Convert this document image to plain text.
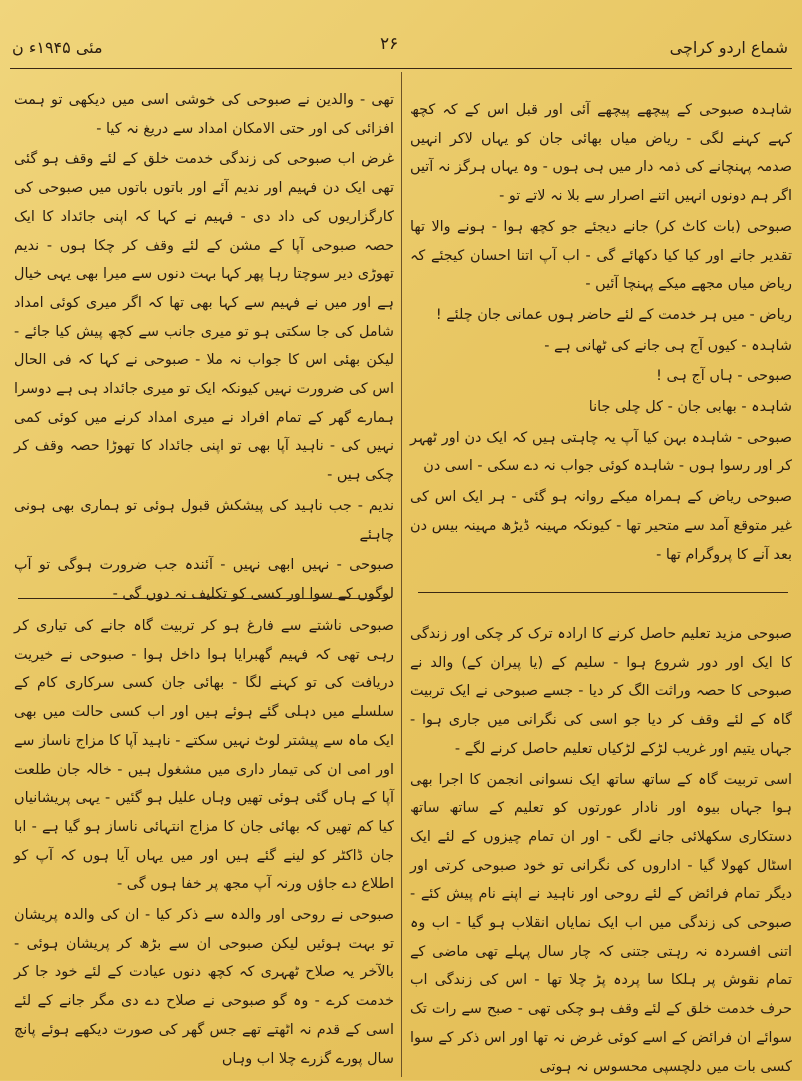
شماع اردو کراچی
۲۶
مئی ۱۹۴۵ء ن

شاہدہ صبوحی کے پیچھے پیچھے آئی اور قبل اس کے کہ کچھ کہے کہنے لگی - ریاض میاں بھائی جان کو یہاں لاکر انہیں صدمہ پہنچانے کی ذمہ دار میں ہی ہوں - وہ یہاں ہرگز نہ آتیں اگر ہم دونوں انہیں اتنے اصرار سے بلا نہ لاتے تو -

صبوحی (بات کاٹ کر) جانے دیجئے جو کچھ ہوا - ہونے والا تھا تقدیر جانے اور کیا کیا دکھائے گی - اب آپ اتنا احسان کیجئے کہ ریاض میاں مجھے میکے پہنچا آئیں -

ریاض - میں ہر خدمت کے لئے حاضر ہوں عمانی جان چلئے !

شاہدہ - کیوں آج ہی جانے کی ٹھانی ہے -

صبوحی - ہاں آج ہی !

شاہدہ - بھابی جان - کل چلی جانا

صبوحی - شاہدہ بہن کیا آپ یہ چاہتی ہیں کہ ایک دن اور ٹھہر کر اور رسوا ہوں - شاہدہ کوئی جواب نہ دے سکی - اسی دن

صبوحی ریاض کے ہمراہ میکے روانہ ہو گئی - ہر ایک اس کی غیر متوقع آمد سے متحیر تھا - کیونکہ مہینہ ڈیڑھ مہینہ بیس دن بعد آنے کا پروگرام تھا -

صبوحی مزید تعلیم حاصل کرنے کا ارادہ ترک کر چکی اور زندگی کا ایک اور دور شروع ہوا - سلیم کے (یا پیران کے) والد نے صبوحی کا حصہ وراثت الگ کر دیا - جسے صبوحی نے ایک تربیت گاہ کے لئے وقف کر دیا جو اسی کی نگرانی میں جاری ہوا - جہاں یتیم اور غریب لڑکے لڑکیاں تعلیم حاصل کرنے لگے -

اسی تربیت گاہ کے ساتھ ساتھ ایک نسوانی انجمن کا اجرا بھی ہوا جہاں بیوہ اور نادار عورتوں کو تعلیم کے ساتھ ساتھ دستکاری سکھلائی جانے لگی - اور ان تمام چیزوں کے لئے ایک اسٹال کھولا گیا - اداروں کی نگرانی تو خود صبوحی کرتی اور دیگر تمام فرائض کے لئے روحی اور ناہید نے اپنے نام پیش کئے - صبوحی کی زندگی میں اب ایک نمایاں انقلاب ہو گیا - اب وہ اتنی افسردہ نہ رہتی جتنی کہ چار سال پہلے تھی ماضی کے تمام نقوش پر ہلکا سا پردہ پڑ چلا تھا - اس کی زندگی اب حرف خدمت خلق کے لئے وقف ہو چکی تھی - صبح سے رات تک سوائے ان فرائض کے اسے کوئی غرض نہ تھا اور اس ذکر کے سوا کسی بات میں دلچسپی محسوس نہ ہوتی

تھی - والدین نے صبوحی کی خوشی اسی میں دیکھی تو ہمت افزائی کی اور حتی الامکان امداد سے دریغ نہ کیا -

غرض اب صبوحی کی زندگی خدمت خلق کے لئے وقف ہو گئی تھی ایک دن فہیم اور ندیم آئے اور باتوں باتوں میں صبوحی کی کارگزاریوں کی داد دی - فہیم نے کہا کہ اپنی جائداد کا ایک حصہ صبوحی آپا کے مشن کے لئے وقف کر چکا ہوں - ندیم تھوڑی دیر سوچتا رہا پھر کہا بہت دنوں سے میرا بھی یہی خیال ہے اور میں نے فہیم سے کہا بھی تھا کہ اگر میری کوئی امداد شامل کی جا سکتی ہو تو میری جانب سے کچھ پیش کیا جائے - لیکن بھئی اس کا جواب نہ ملا - صبوحی نے کہا کہ فی الحال اس کی ضرورت نہیں کیونکہ ایک تو میری جائداد ہی ہے دوسرا ہمارے گھر کے تمام افراد نے میری امداد کرنے میں کوئی کمی نہیں کی - ناہید آپا بھی تو اپنی جائداد کا تھوڑا حصہ وقف کر چکی ہیں -

ندیم - جب ناہید کی پیشکش قبول ہوئی تو ہماری بھی ہونی چاہئے

صبوحی - نہیں ابھی نہیں - آئندہ جب ضرورت ہوگی تو آپ لوگوں کے سوا اور کسی کو تکلیف نہ دوں گی -

صبوحی ناشتے سے فارغ ہو کر تربیت گاہ جانے کی تیاری کر رہی تھی کہ فہیم گھبرایا ہوا داخل ہوا - صبوحی نے خیریت دریافت کی تو کہنے لگا - بھائی جان کسی سرکاری کام کے سلسلے میں دہلی گئے ہوئے ہیں اور اب کسی حالت میں بھی ایک ماہ سے پیشتر لوٹ نہیں سکتے - ناہید آپا کا مزاج ناساز سے اور امی ان کی تیمار داری میں مشغول ہیں - خالہ جان طلعت آپا کے ہاں گئی ہوئی تھیں وہاں علیل ہو گئیں - یہی پریشانیاں کیا کم تھیں کہ بھائی جان کا مزاج انتہائی ناساز ہو گیا ہے - ابا جان ڈاکٹر کو لینے گئے ہیں اور میں یہاں آیا ہوں کہ آپ کو اطلاع دے جاؤں ورنہ آپ مجھ پر خفا ہوں گی -

صبوحی نے روحی اور والدہ سے ذکر کیا - ان کی والدہ پریشان تو بہت ہوئیں لیکن صبوحی ان سے بڑھ کر پریشان ہوئی - بالآخر یہ صلاح ٹھہری کہ کچھ دنوں عیادت کے لئے خود جا کر خدمت کرے - وہ گو صبوحی نے صلاح دے دی مگر جانے کے لئے اسی کے قدم نہ اٹھتے تھے جس گھر کی صورت دیکھے ہوئے پانچ سال پورے گزرے چلا اب وہاں
